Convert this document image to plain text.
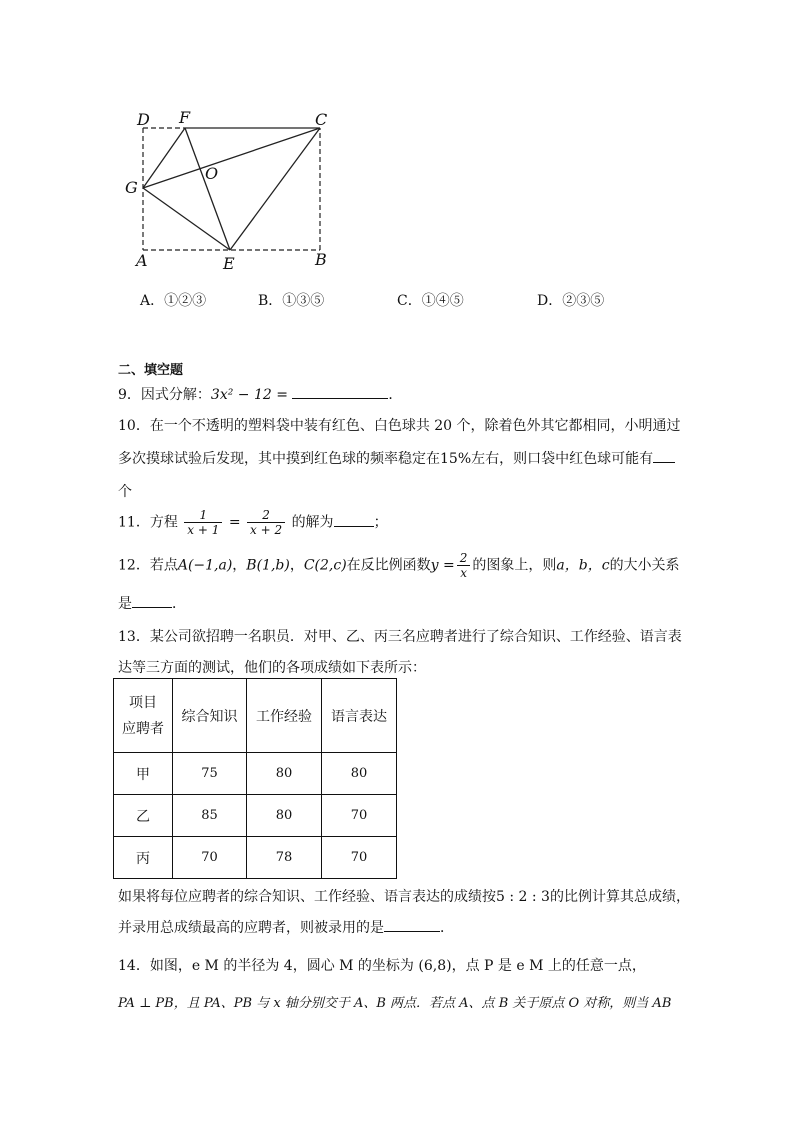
D F	C
O
G
A	E	B
A．①②③	B．①③⑤	C．①④⑤	D．②③⑤
二、填空题
9．因式分解：3x² − 12 =	．
10．在一个不透明的塑料袋中装有红色、白色球共 20 个，除着色外其它都相同，小明通过
多次摸球试验后发现，其中摸到红色球的频率稳定在15%左右，则口袋中红色球可能有
个
11．方程 $\frac{1}{x + 1} = \frac{2}{x + 2}$ 的解为	；
12．若点A(−1,a)，B(1,b)，C(2,c)在反比例函数$y = \frac{2}{x}$ 的图象上，则a，b，c的大小关系
是	．
13．某公司欲招聘一名职员．对甲、乙、丙三名应聘者进行了综合知识、工作经验、语言表
达等三方面的测试，他们的各项成绩如下表所示：
项目
应聘者	综合知识	工作经验	语言表达
甲	75	80	80
乙	85	80	70
丙	70	78	70
如果将每位应聘者的综合知识、工作经验、语言表达的成绩按5 : 2 : 3的比例计算其总成绩，
并录用总成绩最高的应聘者，则被录用的是	．
14．如图，e M 的半径为 4，圆心 M 的坐标为 (6,8)，点 P 是 e M 上的任意一点，
PA ⊥ PB，且 PA、PB 与 x 轴分别交于 A、B 两点．若点 A、点 B 关于原点 O 对称，则当 AB
